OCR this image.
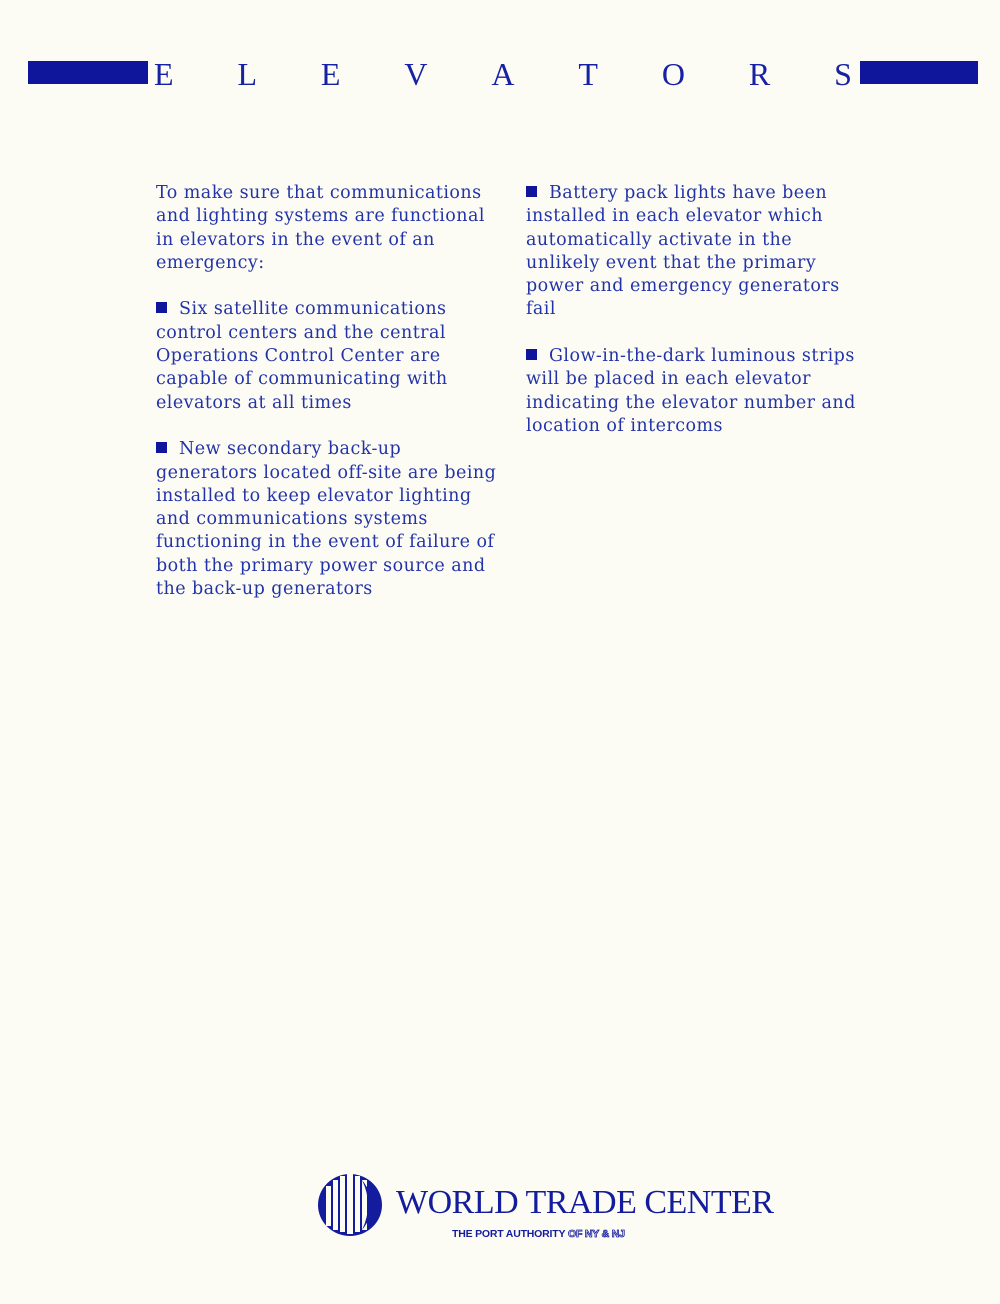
E L E V A T O R S

To make sure that communications and lighting systems are functional in elevators in the event of an emergency:

Six satellite communications control centers and the central Operations Control Center are capable of communicating with elevators at all times

New secondary back-up generators located off-site are being installed to keep elevator lighting and communications systems functioning in the event of failure of both the primary power source and the back-up generators

Battery pack lights have been installed in each elevator which automatically activate in the unlikely event that the primary power and emergency generators fail

Glow-in-the-dark luminous strips will be placed in each elevator indicating the elevator number and location of intercoms

WORLD TRADE CENTER
THE PORT AUTHORITY OF NY & NJ
